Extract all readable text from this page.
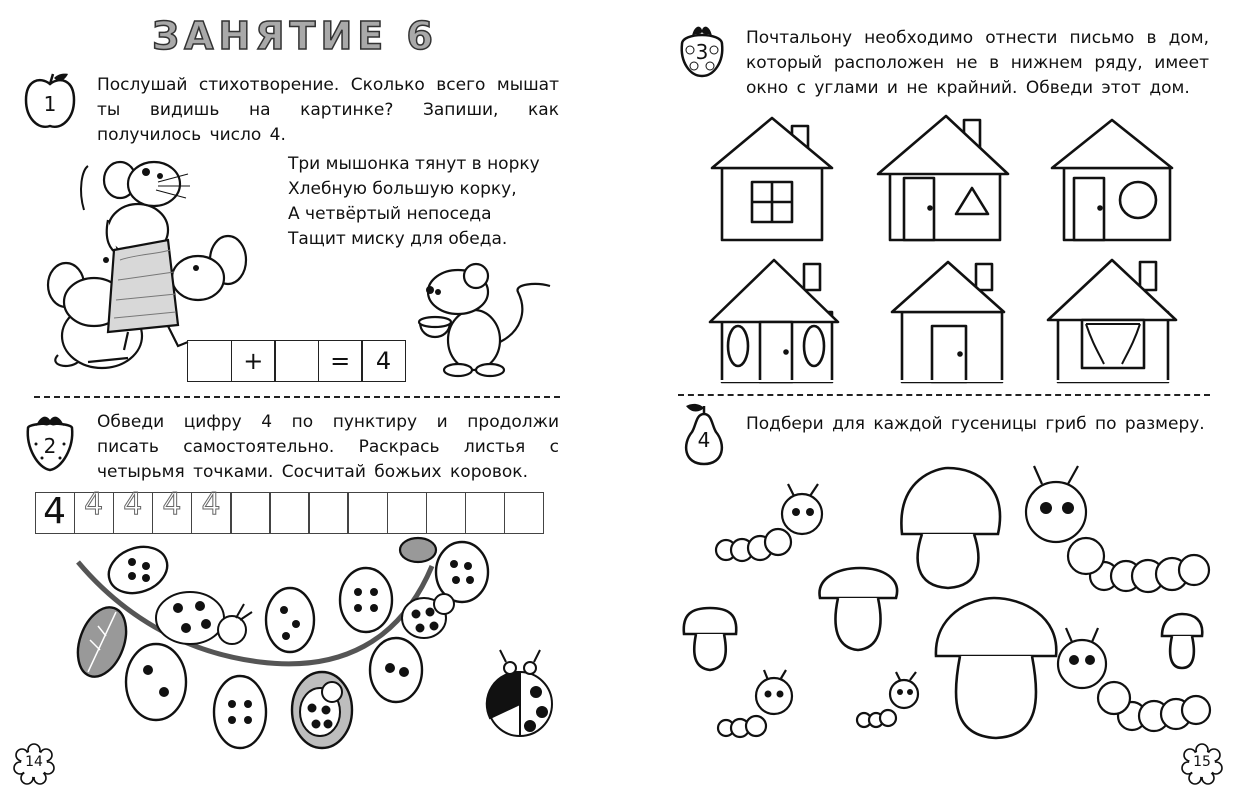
ЗАНЯТИЕ 6
1
Послушай стихотворение. Сколько всего мышат ты видишь на картинке? Запиши, как получилось число 4.
Три мышонка тянут в норку
Хлебную большую корку,
А четвёртый непоседа
Тащит миску для обеда.
+	=	4
2
Обведи цифру 4 по пунктиру и продолжи писать самостоятельно. Раскрась листья с четырьмя точками. Сосчитай божьих коровок.
4 4 4 4 4
14
3
Почтальону необходимо отнести письмо в дом, который расположен не в нижнем ряду, имеет окно с углами и не крайний. Обведи этот дом.
4
Подбери для каждой гусеницы гриб по размеру.
15
